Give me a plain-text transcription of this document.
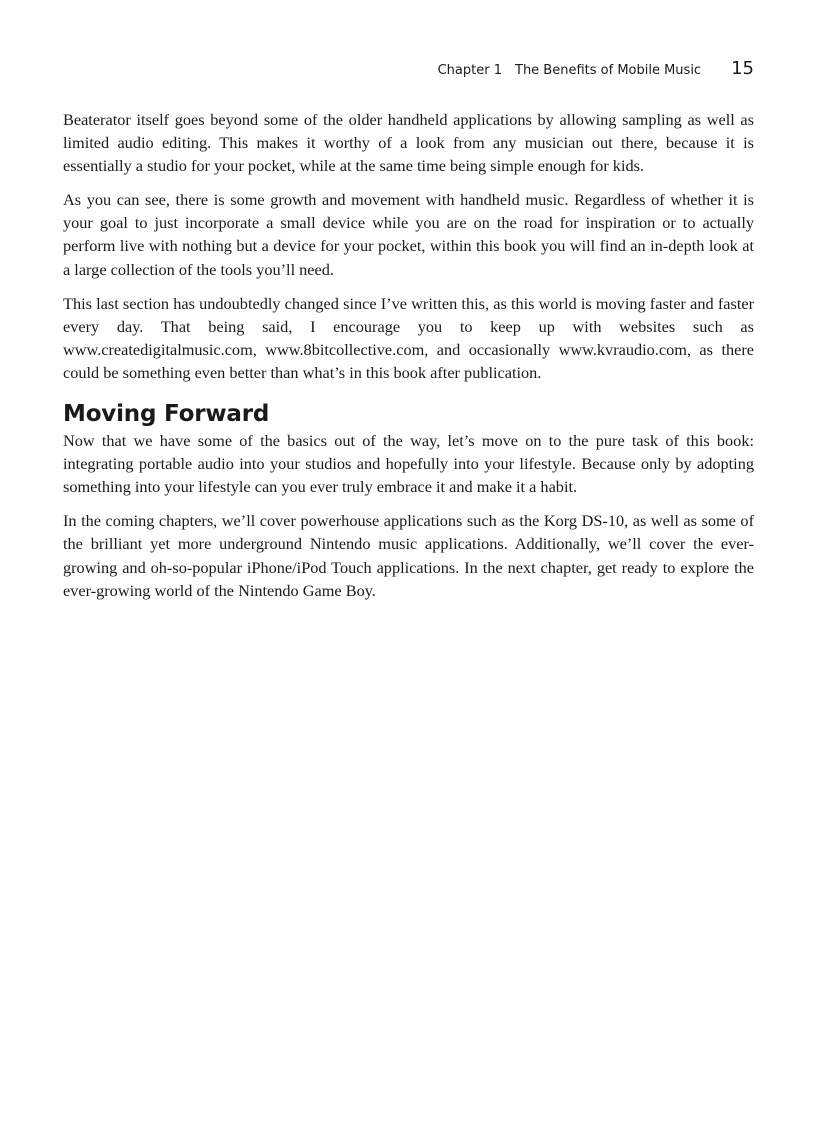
Chapter 1 The Benefits of Mobile Music 15

Beaterator itself goes beyond some of the older handheld applications by allowing sampling as well as limited audio editing. This makes it worthy of a look from any musician out there, because it is essentially a studio for your pocket, while at the same time being simple enough for kids.

As you can see, there is some growth and movement with handheld music. Regardless of whether it is your goal to just incorporate a small device while you are on the road for inspiration or to actually perform live with nothing but a device for your pocket, within this book you will find an in-depth look at a large collection of the tools you’ll need.

This last section has undoubtedly changed since I’ve written this, as this world is moving faster and faster every day. That being said, I encourage you to keep up with websites such as www.createdigitalmusic.com, www.8bitcollective.com, and occasionally www.kvraudio.com, as there could be something even better than what’s in this book after publication.

Moving Forward

Now that we have some of the basics out of the way, let’s move on to the pure task of this book: integrating portable audio into your studios and hopefully into your lifestyle. Because only by adopting something into your lifestyle can you ever truly embrace it and make it a habit.

In the coming chapters, we’ll cover powerhouse applications such as the Korg DS-10, as well as some of the brilliant yet more underground Nintendo music applications. Additionally, we’ll cover the ever-growing and oh-so-popular iPhone/iPod Touch applications. In the next chapter, get ready to explore the ever-growing world of the Nintendo Game Boy.
